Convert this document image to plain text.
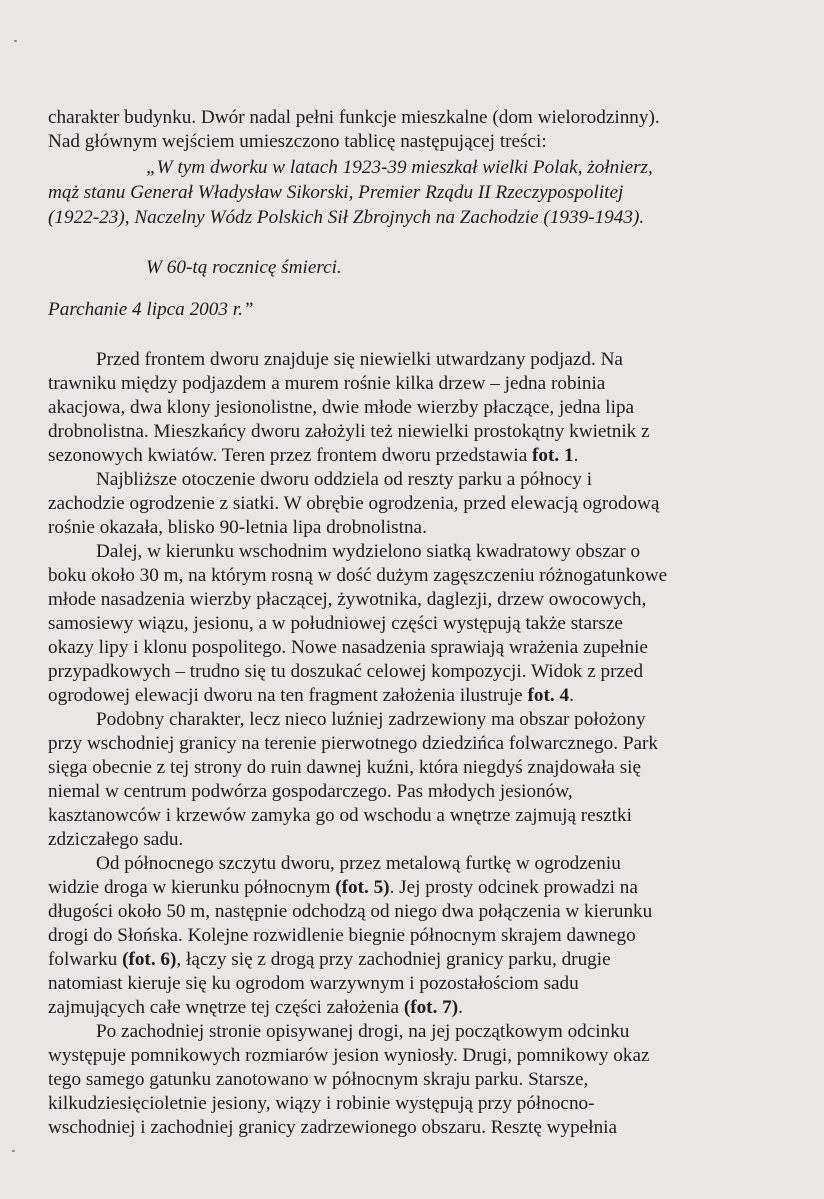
charakter budynku. Dwór nadal pełni funkcje mieszkalne (dom wielorodzinny).
Nad głównym wejściem umieszczono tablicę następującej treści:
„W tym dworku w latach 1923-39 mieszkał wielki Polak, żołnierz,
mąż stanu Generał Władysław Sikorski, Premier Rządu II Rzeczypospolitej
(1922-23), Naczelny Wódz Polskich Sił Zbrojnych na Zachodzie (1939-1943).
W 60-tą rocznicę śmierci.
Parchanie 4 lipca 2003 r.”
Przed frontem dworu znajduje się niewielki utwardzany podjazd. Na
trawniku między podjazdem a murem rośnie kilka drzew – jedna robinia
akacjowa, dwa klony jesionolistne, dwie młode wierzby płaczące, jedna lipa
drobnolistna. Mieszkańcy dworu założyli też niewielki prostokątny kwietnik z
sezonowych kwiatów. Teren przez frontem dworu przedstawia fot. 1.
Najbliższe otoczenie dworu oddziela od reszty parku a północy i
zachodzie ogrodzenie z siatki. W obrębie ogrodzenia, przed elewacją ogrodową
rośnie okazała, blisko 90-letnia lipa drobnolistna.
Dalej, w kierunku wschodnim wydzielono siatką kwadratowy obszar o
boku około 30 m, na którym rosną w dość dużym zagęszczeniu różnogatunkowe
młode nasadzenia wierzby płaczącej, żywotnika, daglezji, drzew owocowych,
samosiewy wiązu, jesionu, a w południowej części występują także starsze
okazy lipy i klonu pospolitego. Nowe nasadzenia sprawiają wrażenia zupełnie
przypadkowych – trudno się tu doszukać celowej kompozycji. Widok z przed
ogrodowej elewacji dworu na ten fragment założenia ilustruje fot. 4.
Podobny charakter, lecz nieco luźniej zadrzewiony ma obszar położony
przy wschodniej granicy na terenie pierwotnego dziedzińca folwarcznego. Park
sięga obecnie z tej strony do ruin dawnej kuźni, która niegdyś znajdowała się
niemal w centrum podwórza gospodarczego. Pas młodych jesionów,
kasztanowców i krzewów zamyka go od wschodu a wnętrze zajmują resztki
zdziczałego sadu.
Od północnego szczytu dworu, przez metalową furtkę w ogrodzeniu
widzie droga w kierunku północnym (fot. 5). Jej prosty odcinek prowadzi na
długości około 50 m, następnie odchodzą od niego dwa połączenia w kierunku
drogi do Słońska. Kolejne rozwidlenie biegnie północnym skrajem dawnego
folwarku (fot. 6), łączy się z drogą przy zachodniej granicy parku, drugie
natomiast kieruje się ku ogrodom warzywnym i pozostałościom sadu
zajmujących całe wnętrze tej części założenia (fot. 7).
Po zachodniej stronie opisywanej drogi, na jej początkowym odcinku
występuje pomnikowych rozmiarów jesion wyniosły. Drugi, pomnikowy okaz
tego samego gatunku zanotowano w północnym skraju parku. Starsze,
kilkudziesięcioletnie jesiony, wiązy i robinie występują przy północno-
wschodniej i zachodniej granicy zadrzewionego obszaru. Resztę wypełnia
